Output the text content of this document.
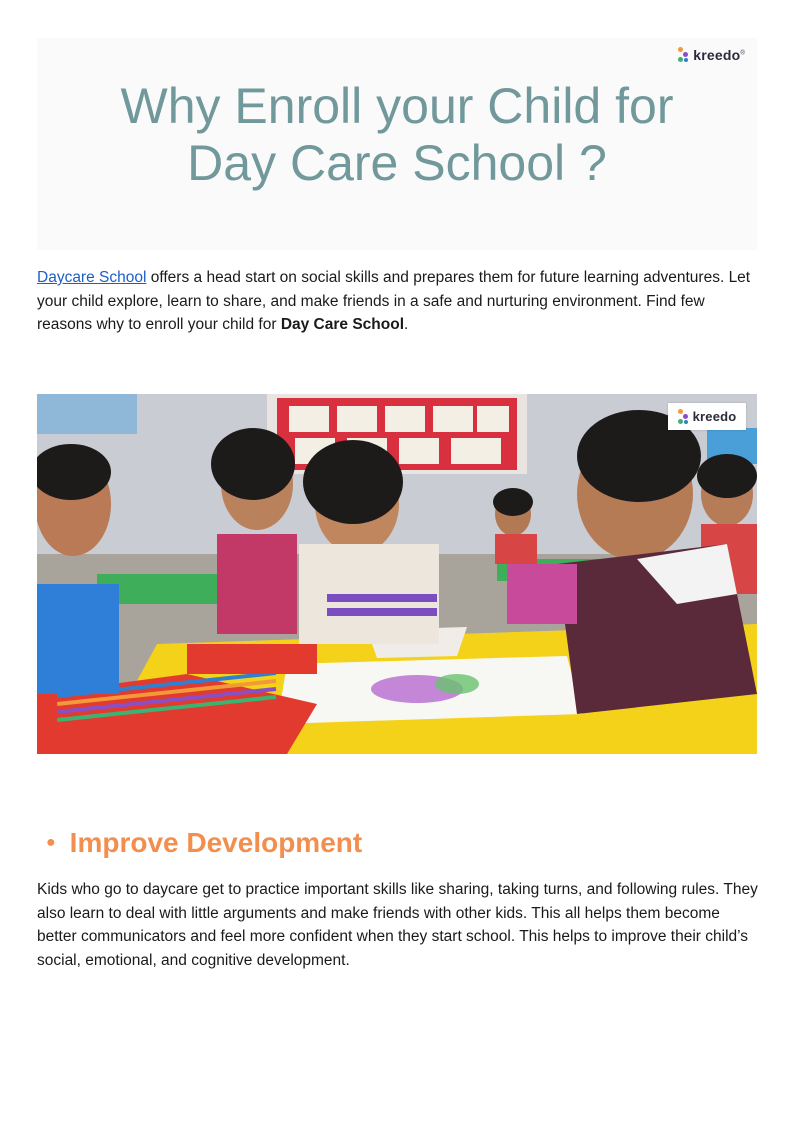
kreedo®
Why Enroll your Child for
Day Care School ?

Daycare School offers a head start on social skills and prepares them for future learning adventures. Let your child explore, learn to share, and make friends in a safe and nurturing environment. Find few reasons why to enroll your child for Day Care School.

kreedo
● Improve Development

Kids who go to daycare get to practice important skills like sharing, taking turns, and following rules. They also learn to deal with little arguments and make friends with other kids. This all helps them become better communicators and feel more confident when they start school. This helps to improve their child’s social, emotional, and cognitive development.
